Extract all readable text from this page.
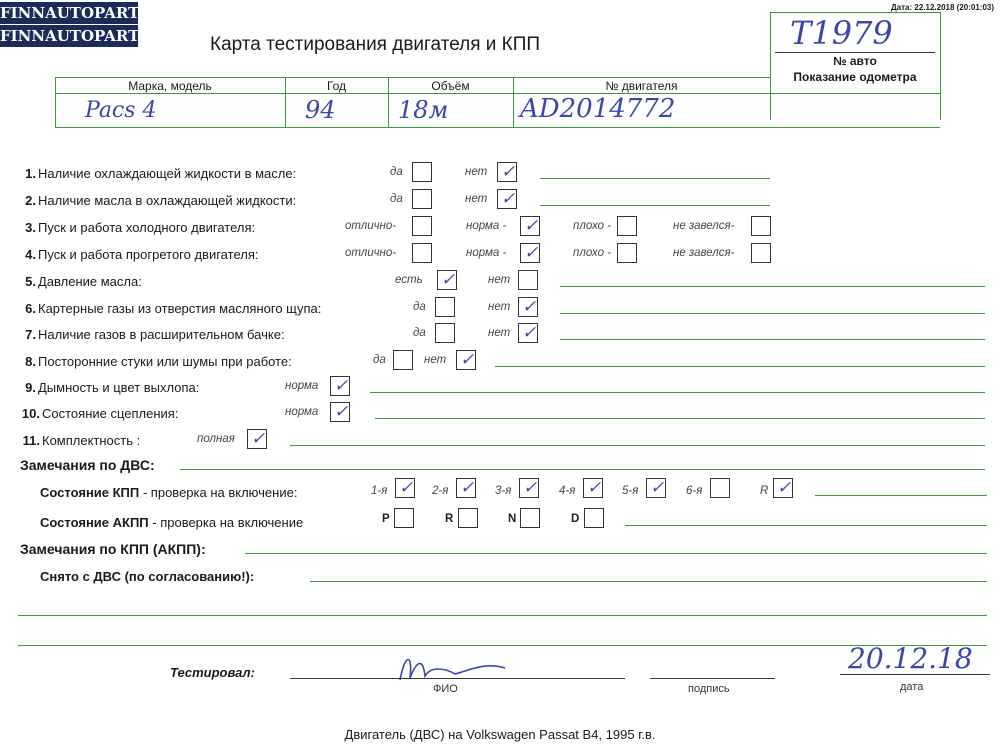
FINNAUTOPARTS
FINNAUTOPARTS
Дата: 22.12.2018 (20:01:03)
Карта тестирования двигателя и КПП	T1979
№ авто
Показание одометра
Марка, модель	Год	Объём	№ двигателя
Pacs 4	94	18м	AD2014772
1. Наличие охлаждающей жидкости в масле:	да	нет ✓
2. Наличие масла в охлаждающей жидкости:	да	нет ✓
3. Пуск и работа холодного двигателя:	отлично-	норма - ✓	плохо -	не завелся-
4. Пуск и работа прогретого двигателя:	отлично-	норма - ✓	плохо -	не завелся-
5. Давление масла:	есть ✓	нет
6. Картерные газы из отверстия масляного щупа:	да	нет ✓
7. Наличие газов в расширительном бачке:	да	нет ✓
8. Посторонние стуки или шумы при работе:	да	нет ✓
9. Дымность и цвет выхлопа:	норма ✓
10. Состояние сцепления:	норма ✓
11. Комплектность :	полная ✓
Замечания по ДВС:
Состояние КПП - проверка на включение:	1-я ✓ 2-я ✓ 3-я ✓ 4-я ✓ 5-я ✓ 6-я	R ✓
Состояние АКПП - проверка на включение	P	R	N	D
Замечания по КПП (АКПП):
Снято с ДВС (по согласованию!):
Тестировал:
ФИО	подпись	дата
20.12.18
Двигатель (ДВС) на Volkswagen Passat B4, 1995 г.в.
